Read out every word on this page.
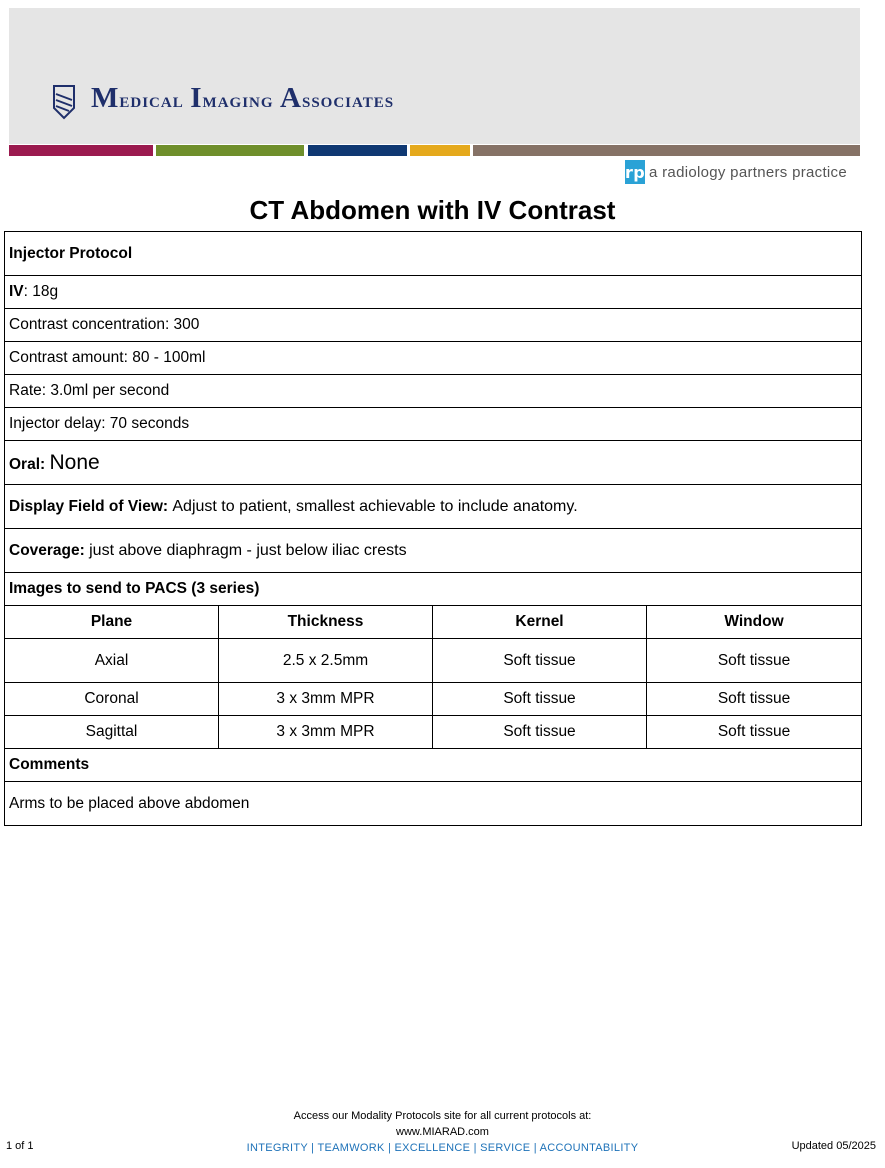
Medical Imaging Associates
rp a radiology partners practice
CT Abdomen with IV Contrast
Injector Protocol			
IV: 18g			
Contrast concentration: 300			
Contrast amount: 80 - 100ml			
Rate: 3.0ml per second			
Injector delay: 70 seconds			
Oral: None			
Display Field of View: Adjust to patient, smallest achievable to include anatomy.			
Coverage: just above diaphragm - just below iliac crests			
Images to send to PACS (3 series)			
Plane	Thickness	Kernel	Window
Axial	2.5 x 2.5mm	Soft tissue	Soft tissue
Coronal	3 x 3mm MPR	Soft tissue	Soft tissue
Sagittal	3 x 3mm MPR	Soft tissue	Soft tissue
Comments			
Arms to be placed above abdomen			
Access our Modality Protocols site for all current protocols at:
www.MIARAD.com
INTEGRITY | TEAMWORK | EXCELLENCE | SERVICE | ACCOUNTABILITY
1 of 1	Updated 05/2025
